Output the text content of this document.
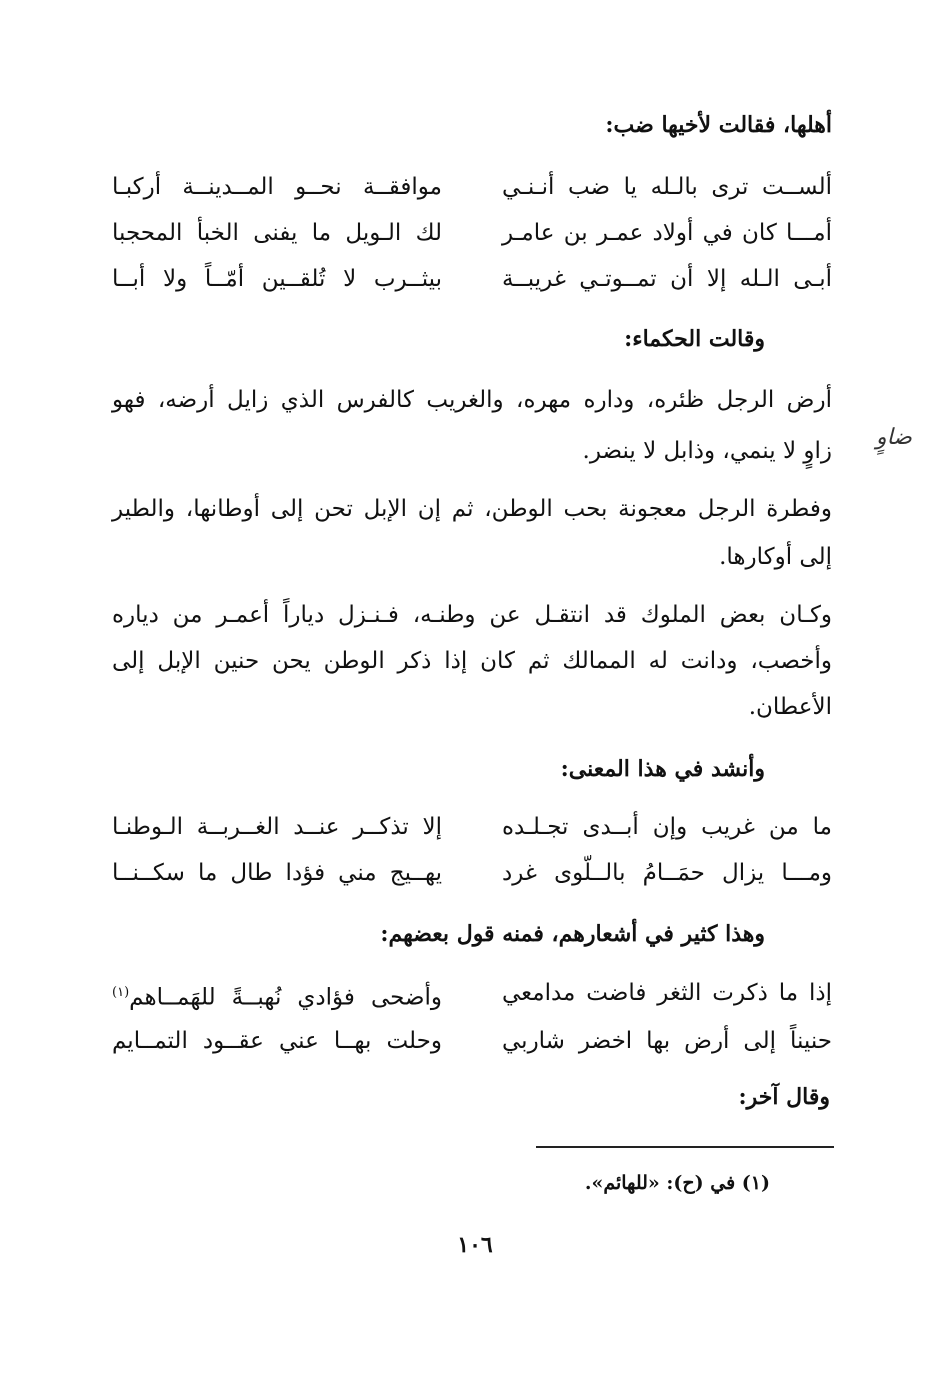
أهلها، فقالت لأخيها ضب:
ألســت ترى بالـله يا ضب أنـنـي
موافقــة نحــو المــدينــة أركبـا
أمـــا كان في أولاد عمـر بن عامـر
لك الـويل ما يفنى الخبأ المحجبا
أبـى الـله إلا أن تمــوتـي غريبــة
بيثــرب لا تُلقــين أمّــاً ولا أبــا
وقالت الحكماء:
أرض الرجل ظئره، وداره مهره، والغريب كالفرس الذي زايل أرضه، فهو
زاوٍ لا ينمي، وذابل لا ينضر.
ضاوٍ
وفطرة الرجل معجونة بحب الوطن، ثم إن الإبل تحن إلى أوطانها، والطير
إلى أوكارها.
وكـان بعض الملوك قد انتقـل عن وطنـه، فـنـزل دياراً أعمـر من دياره
وأخصب، ودانت له الممالك ثم كان إذا ذكر الوطن يحن حنين الإبل إلى
الأعطان.
وأنشد في هذا المعنى:
ما من غريب وإن أبــدى تجـلـده
إلا تذكــر عنــد الغــربــة الـوطنـا
ومـــا يزال حمَــامُ بالــلّوى غرد
يهــيج مني فؤدا طال ما سكــنــا
وهذا كثير في أشعارهم، فمنه قول بعضهم:
إذا ما ذكرت الثغر فاضت مدامعي
وأضحى فؤادي نُهبــةً للهَمــاهم$^{(١)}$
حنيناً إلى أرض بها اخضر شاربي
وحلت بهــا عني عقــود التمــايم
وقال آخر:
(١) في (ح): «للهائم».
١٠٦
